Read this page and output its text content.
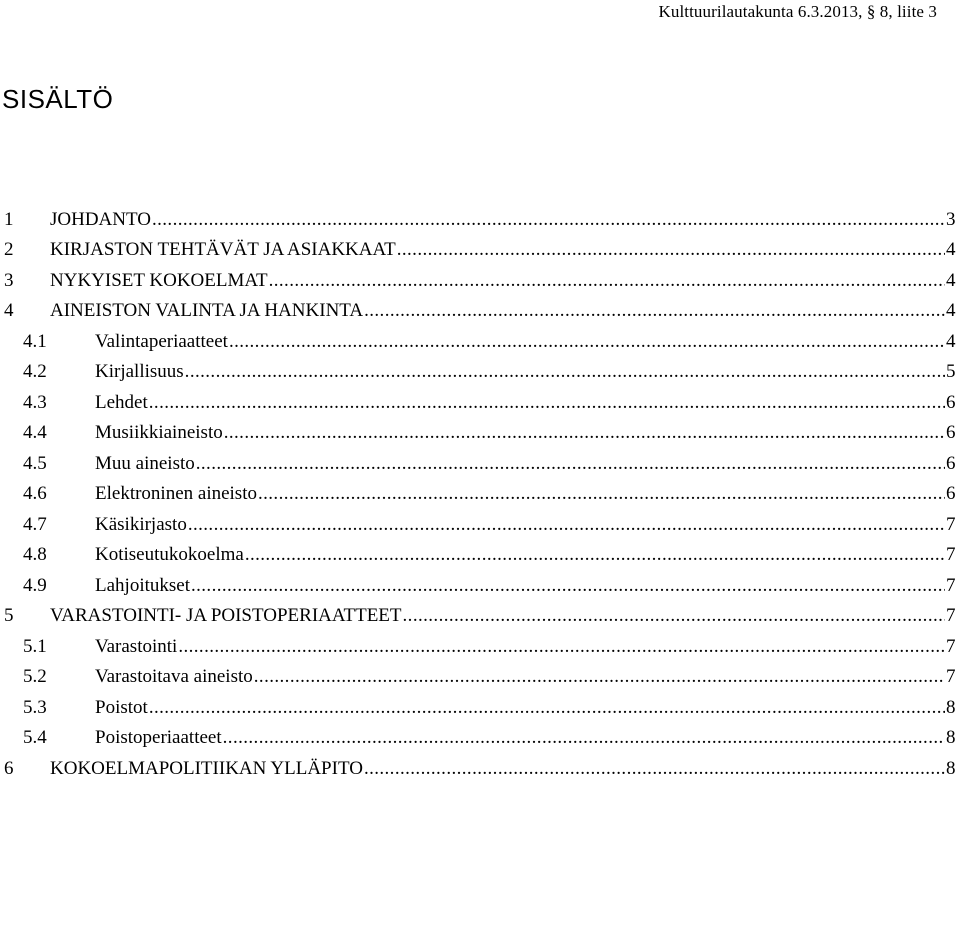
Kulttuurilautakunta 6.3.2013, § 8, liite 3
SISÄLTÖ
1	JOHDANTO .....	3
2	KIRJASTON TEHTÄVÄT JA ASIAKKAAT .....	4
3	NYKYISET KOKOELMAT .....	4
4	AINEISTON VALINTA JA HANKINTA .....	4
4.1	Valintaperiaatteet .....	4
4.2	Kirjallisuus .....	5
4.3	Lehdet .....	6
4.4	Musiikkiaineisto .....	6
4.5	Muu aineisto .....	6
4.6	Elektroninen aineisto .....	6
4.7	Käsikirjasto .....	7
4.8	Kotiseutukokoelma .....	7
4.9	Lahjoitukset .....	7
5	VARASTOINTI- JA POISTOPERIAATTEET .....	7
5.1	Varastointi .....	7
5.2	Varastoitava aineisto .....	7
5.3	Poistot .....	8
5.4	Poistoperiaatteet .....	8
6	KOKOELMAPOLITIIKAN YLLÄPITO .....	8
